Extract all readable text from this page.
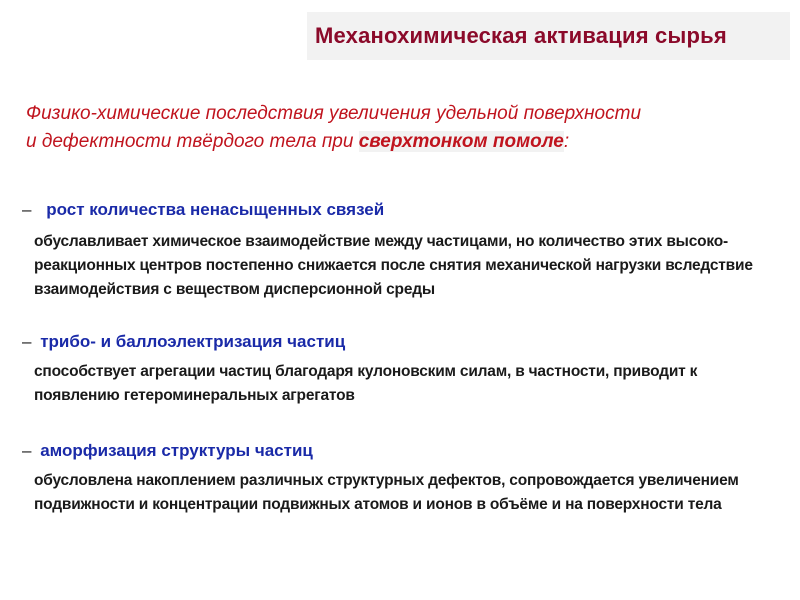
Механохимическая активация сырья
Физико-химические последствия увеличения удельной поверхности
и дефектности твёрдого тела при сверхтонком помоле:
– рост количества ненасыщенных связей
обуславливает химическое взаимодействие между частицами, но количество этих высоко-
реакционных центров постепенно снижается после снятия механической нагрузки вследствие
взаимодействия с веществом дисперсионной среды
– трибо- и баллоэлектризация частиц
способствует агрегации частиц благодаря кулоновским силам, в частности, приводит к
появлению гетероминеральных агрегатов
– аморфизация структуры частиц
обусловлена накоплением различных структурных дефектов, сопровождается увеличением
подвижности и концентрации подвижных атомов и ионов в объёме и на поверхности тела
